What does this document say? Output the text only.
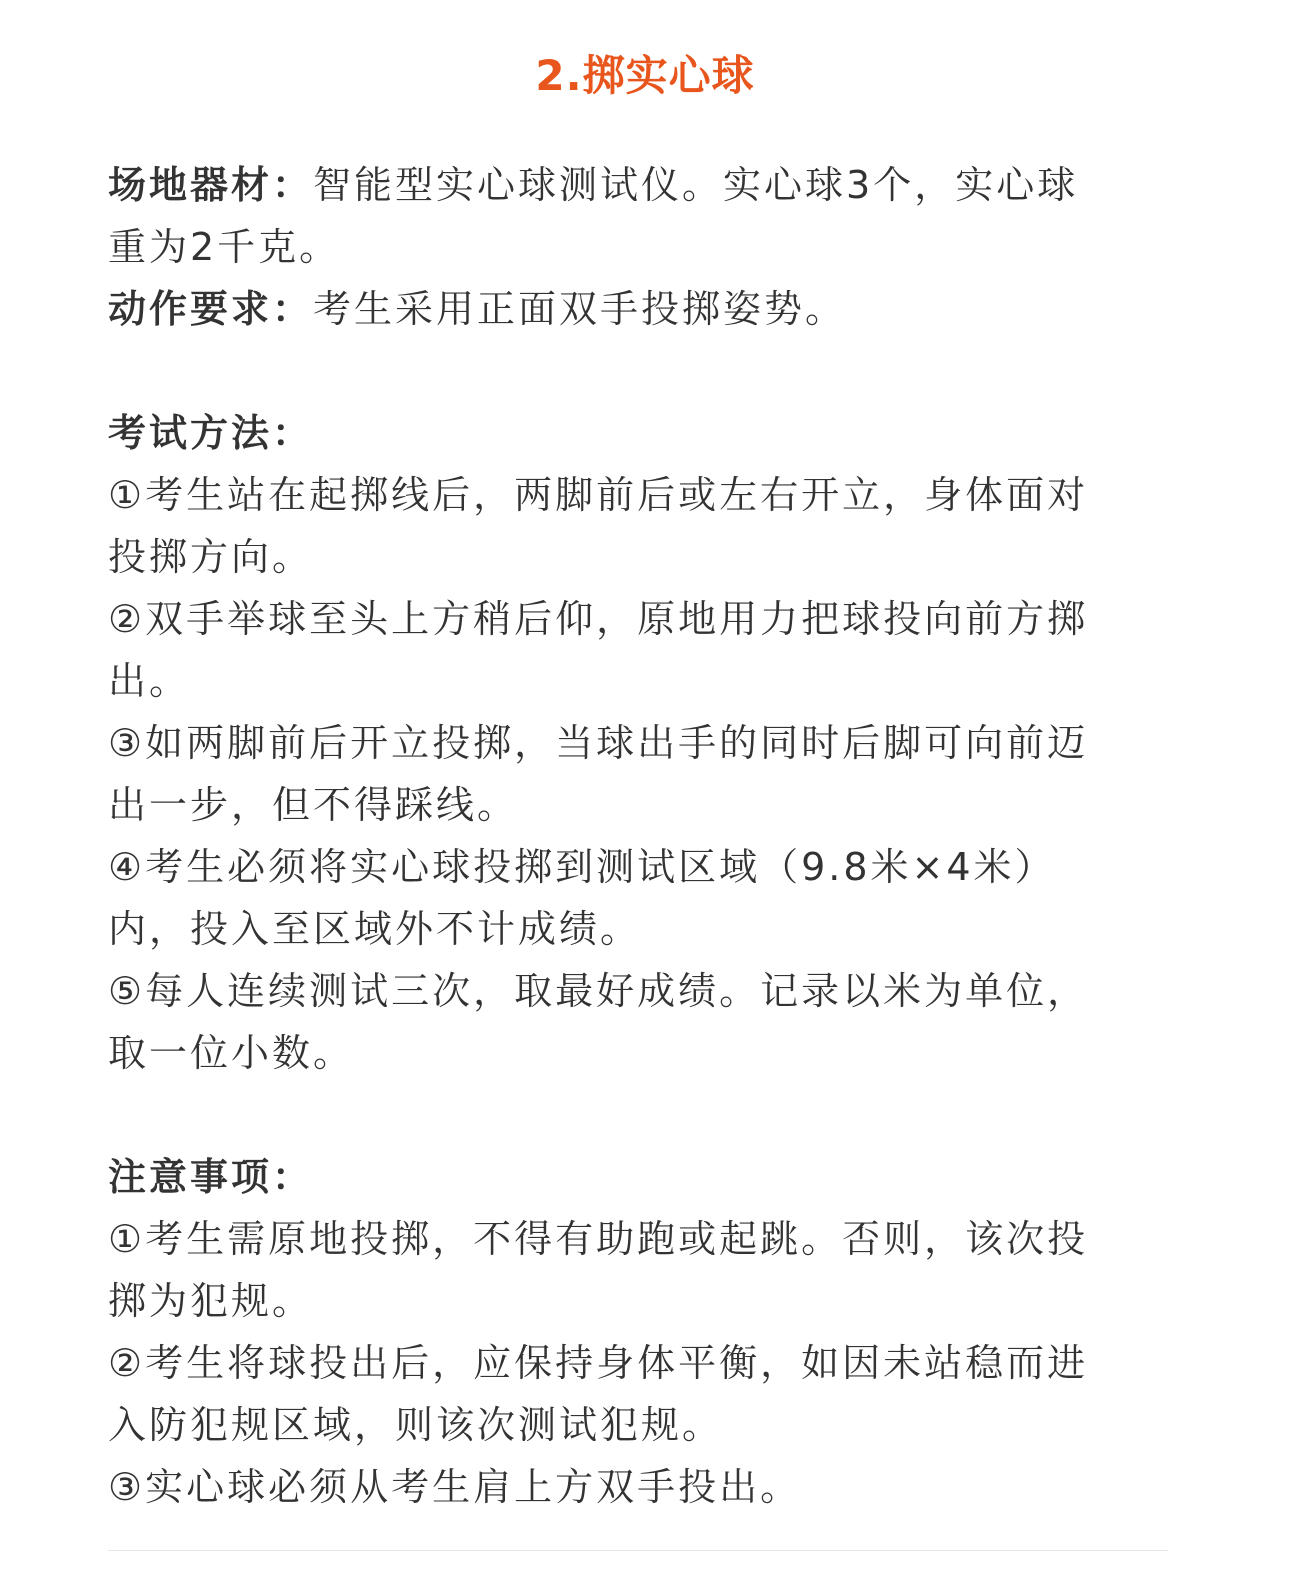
2.掷实心球
场地器材：智能型实心球测试仪。实心球3个，实心球
重为2千克。
动作要求：考生采用正面双手投掷姿势。
考试方法：
①考生站在起掷线后，两脚前后或左右开立，身体面对
投掷方向。
②双手举球至头上方稍后仰，原地用力把球投向前方掷
出。
③如两脚前后开立投掷，当球出手的同时后脚可向前迈
出一步，但不得踩线。
④考生必须将实心球投掷到测试区域（9.8米×4米）
内，投入至区域外不计成绩。
⑤每人连续测试三次，取最好成绩。记录以米为单位，
取一位小数。
注意事项：
①考生需原地投掷，不得有助跑或起跳。否则，该次投
掷为犯规。
②考生将球投出后，应保持身体平衡，如因未站稳而进
入防犯规区域，则该次测试犯规。
③实心球必须从考生肩上方双手投出。
